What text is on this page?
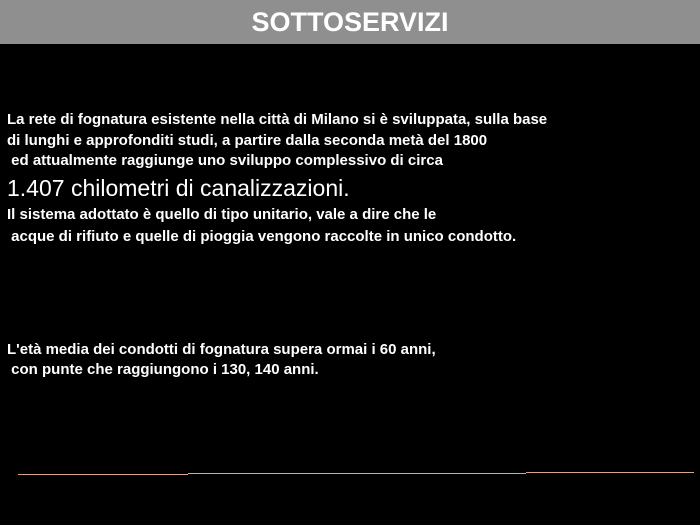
SOTTOSERVIZI
La rete di fognatura esistente nella città di Milano si è sviluppata, sulla base
di lunghi e approfonditi studi, a partire dalla seconda metà del 1800
ed attualmente raggiunge uno sviluppo complessivo di circa
1.407 chilometri di canalizzazioni.
Il sistema adottato è quello di tipo unitario, vale a dire che le
acque di rifiuto e quelle di pioggia vengono raccolte in unico condotto.
L'età media dei condotti di fognatura supera ormai i 60 anni,
con punte che raggiungono i 130, 140 anni.
